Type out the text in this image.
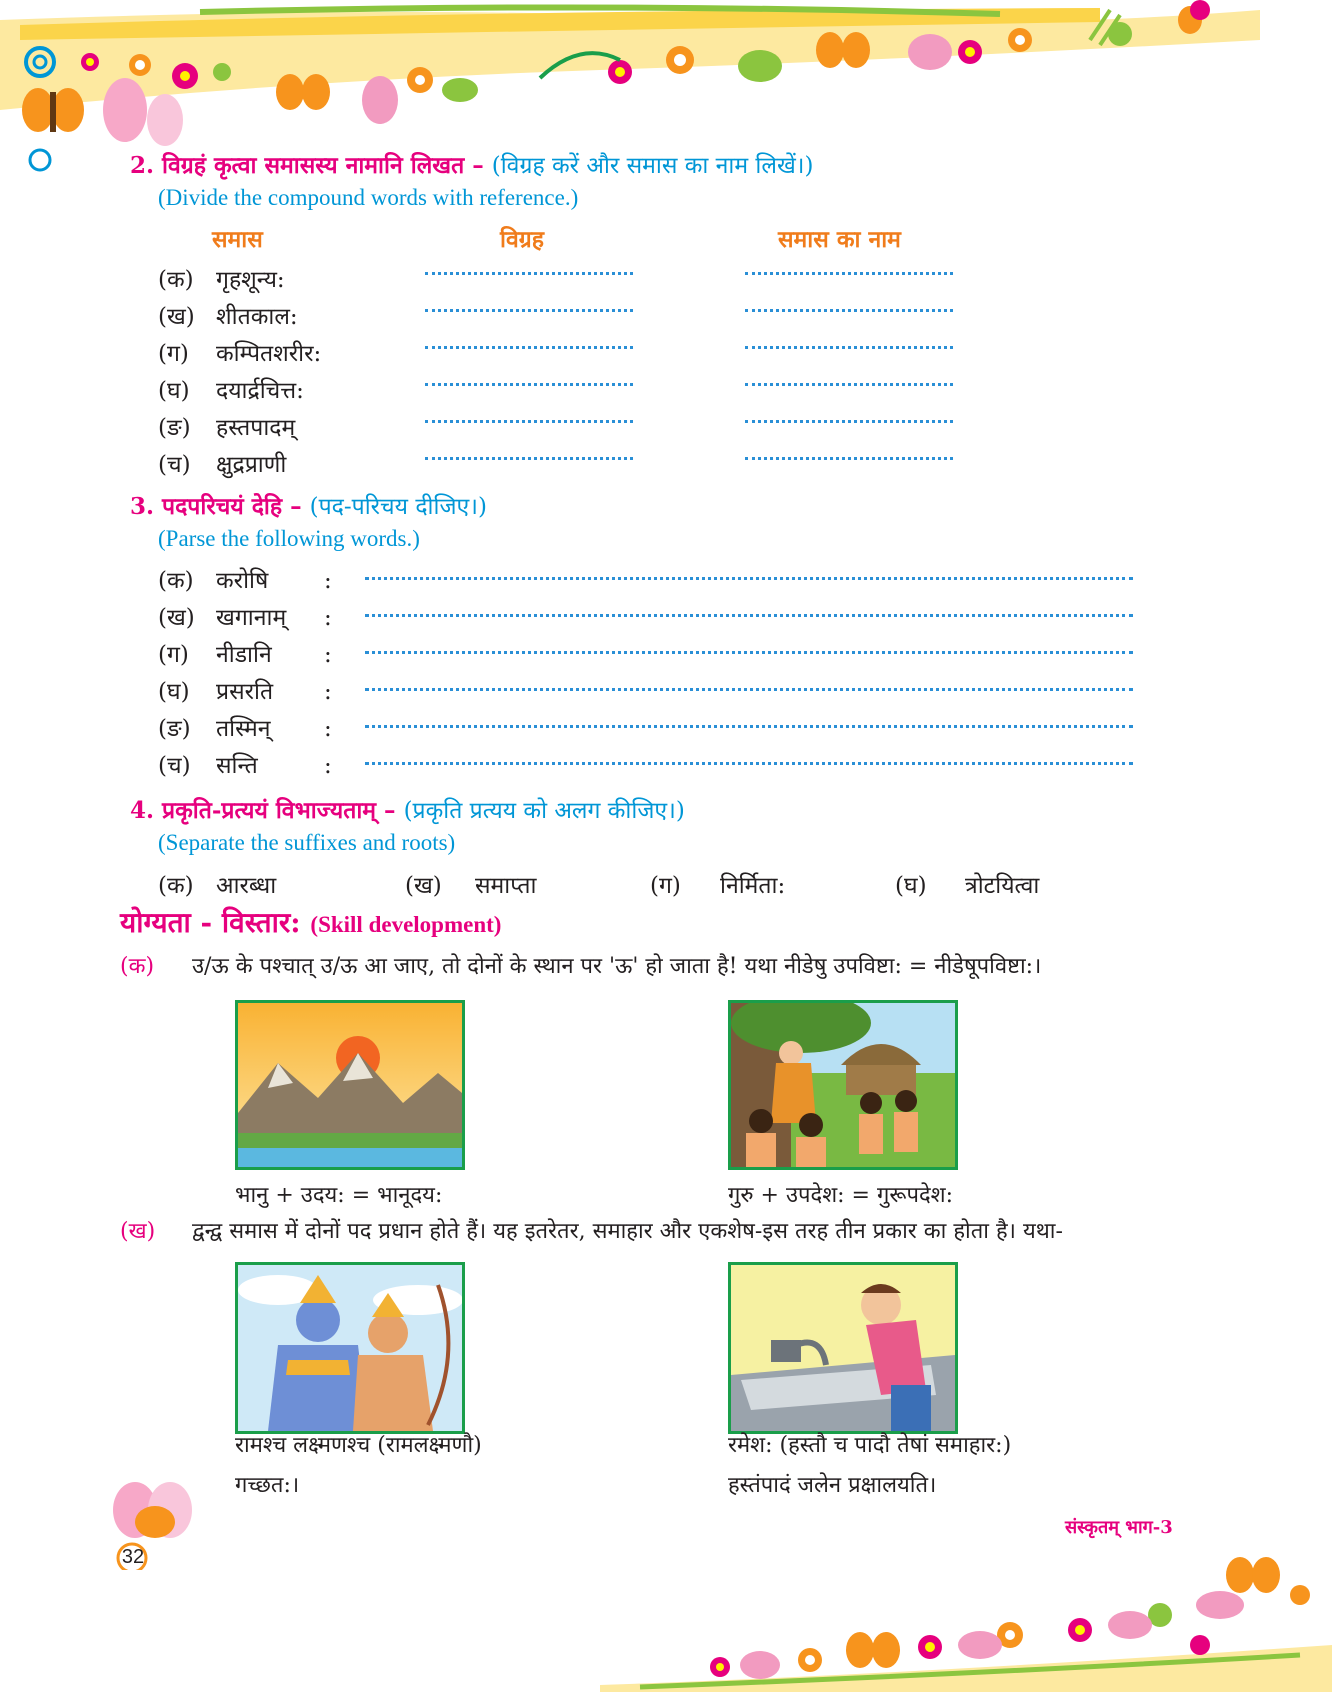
2. विग्रहं कृत्वा समासस्य नामानि लिखत – (विग्रह करें और समास का नाम लिखें।)
(Divide the compound words with reference.)
समास	विग्रह	समास का नाम
(क) गृहशून्य:
(ख) शीतकाल:
(ग) कम्पितशरीर:
(घ) दयार्द्रचित्त:
(ङ) हस्तपादम्
(च) क्षुद्रप्राणी
3. पदपरिचयं देहि – (पद-परिचय दीजिए।)
(Parse the following words.)
(क) करोषि :
(ख) खगानाम् :
(ग) नीडानि :
(घ) प्रसरति :
(ङ) तस्मिन् :
(च) सन्ति	:
4. प्रकृति-प्रत्ययं विभाज्यताम् – (प्रकृति प्रत्यय को अलग कीजिए।)
(Separate the suffixes and roots)
(क) आरब्धा	(ख) समाप्ता	(ग) निर्मिता:	(घ) त्रोटयित्वा
योग्यता - विस्तार: (Skill development)
(क) उ/ऊ के पश्चात् उ/ऊ आ जाए, तो दोनों के स्थान पर 'ऊ' हो जाता है! यथा नीडेषु उपविष्टा: = नीडेषूपविष्टा:।
भानु + उदय: = भानूदय:	गुरु + उपदेश: = गुरूपदेश:
(ख) द्वन्द्व समास में दोनों पद प्रधान होते हैं। यह इतरेतर, समाहार और एकशेष-इस तरह तीन प्रकार का होता है। यथा-
रामश्च लक्ष्मणश्च (रामलक्ष्मणौ)
गच्छत:।
रमेश: (हस्तौ च पादौ तेषां समाहार:)
हस्तंपादं जलेन प्रक्षालयति।
32
संस्कृतम् भाग-3
